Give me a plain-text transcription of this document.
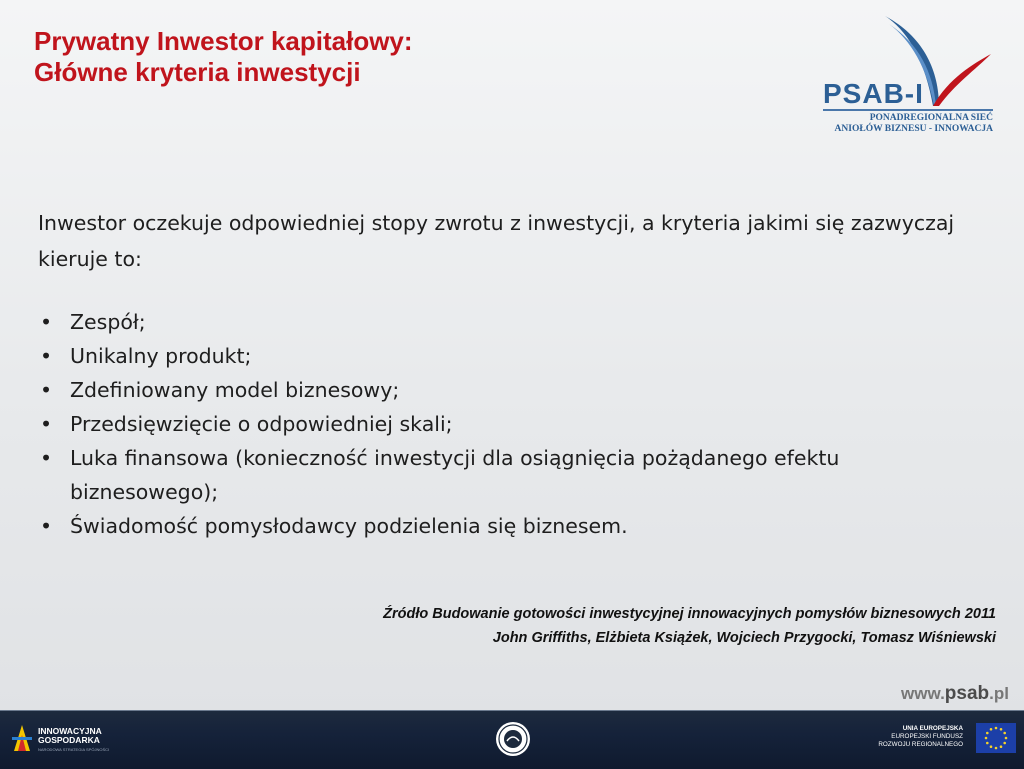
Prywatny Inwestor kapitałowy:
Główne kryteria inwestycji
PSAB-I
PONADREGIONALNA SIEĆ
ANIOŁÓW BIZNESU - INNOWACJA

Inwestor oczekuje odpowiedniej stopy zwrotu z inwestycji, a kryteria jakimi się zazwyczaj kieruje to:

• Zespół;
• Unikalny produkt;
• Zdefiniowany model biznesowy;
• Przedsięwzięcie o odpowiedniej skali;
• Luka finansowa (konieczność inwestycji dla osiągnięcia pożądanego efektu biznesowego);
• Świadomość pomysłodawcy podzielenia się biznesem.
Źródło Budowanie gotowości inwestycyjnej innowacyjnych pomysłów biznesowych 2011
John Griffiths, Elżbieta Książek, Wojciech Przygocki, Tomasz Wiśniewski
www.psab.pl
INNOWACYJNA
GOSPODARKA
NARODOWA STRATEGIA SPÓJNOŚCI
UNIA EUROPEJSKA
EUROPEJSKI FUNDUSZ
ROZWOJU REGIONALNEGO
